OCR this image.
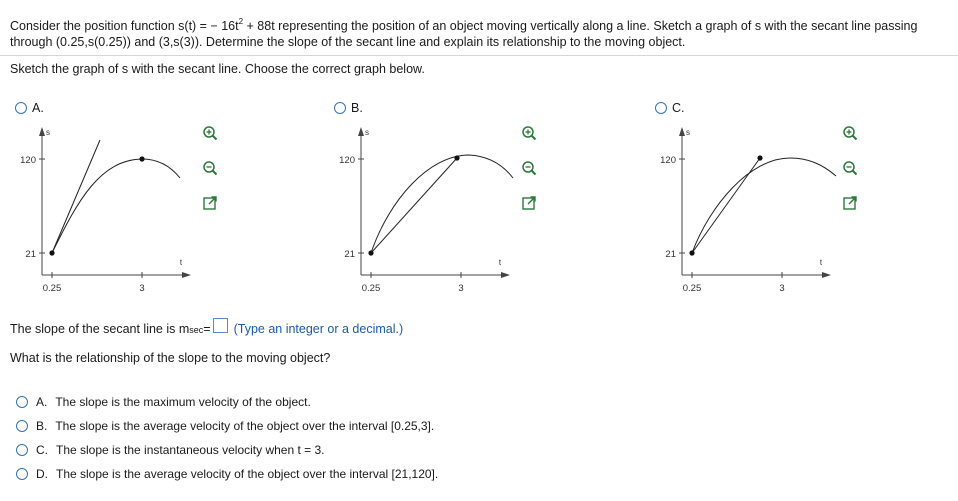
Consider the position function s(t) = − $16t^2 + 88t$ representing the position of an object moving vertically along a line. Sketch a graph of s with the secant line passing through (0.25,s(0.25)) and (3,s(3)). Determine the slope of the secant line and explain its relationship to the moving object.
Sketch the graph of s with the secant line. Choose the correct graph below.
A.
s
t
120
21
0.25	3
B.
s
t
120
21
0.25	3
C.
s
t
120
21
0.25	3
The slope of the secant line is m sec = (Type an integer or a decimal.)
What is the relationship of the slope to the moving object?
A. The slope is the maximum velocity of the object.
B. The slope is the average velocity of the object over the interval [0.25,3].
C. The slope is the instantaneous velocity when t = 3.
D. The slope is the average velocity of the object over the interval [21,120].
